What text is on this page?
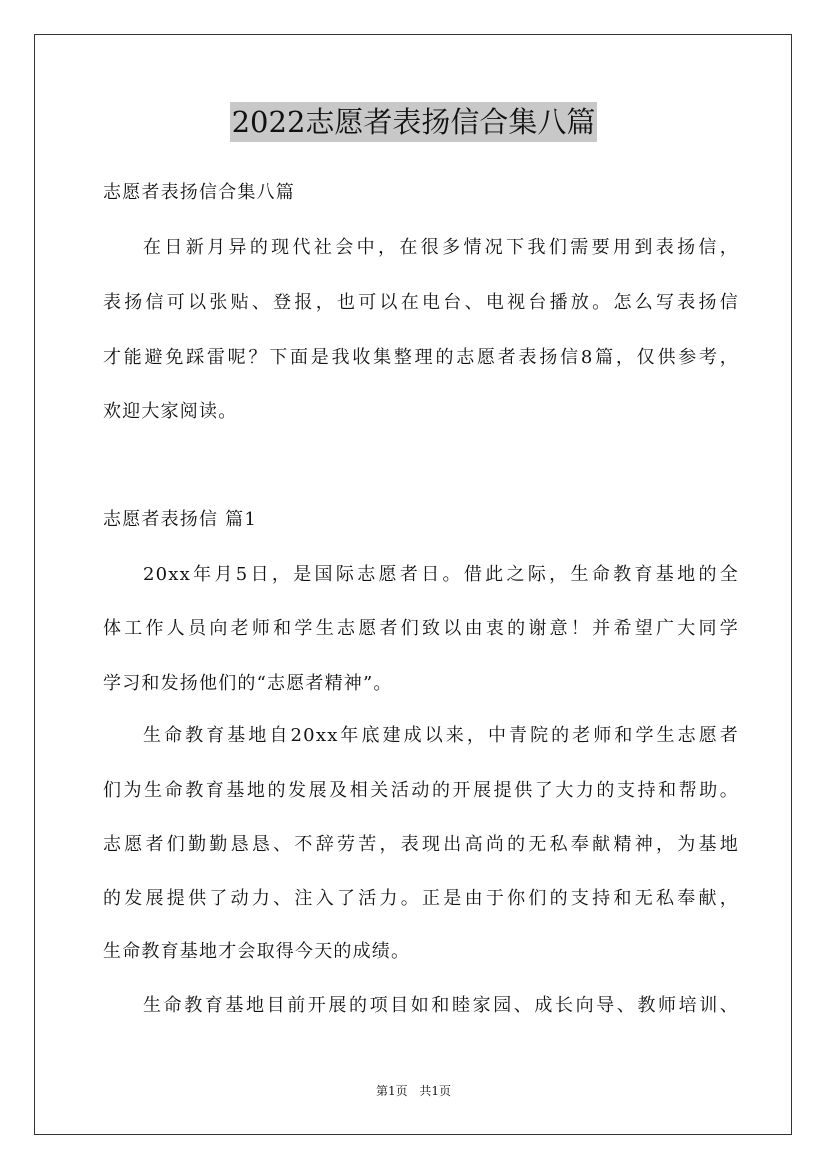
2022志愿者表扬信合集八篇
志愿者表扬信合集八篇
在日新月异的现代社会中，在很多情况下我们需要用到表扬信，
表扬信可以张贴、登报，也可以在电台、电视台播放。怎么写表扬信
才能避免踩雷呢？下面是我收集整理的志愿者表扬信8篇，仅供参考，
欢迎大家阅读。
志愿者表扬信 篇1
20xx年月5日，是国际志愿者日。借此之际，生命教育基地的全
体工作人员向老师和学生志愿者们致以由衷的谢意！并希望广大同学
学习和发扬他们的“志愿者精神”。
生命教育基地自20xx年底建成以来，中青院的老师和学生志愿者
们为生命教育基地的发展及相关活动的开展提供了大力的支持和帮助。
志愿者们勤勤恳恳、不辞劳苦，表现出高尚的无私奉献精神，为基地
的发展提供了动力、注入了活力。正是由于你们的支持和无私奉献，
生命教育基地才会取得今天的成绩。
生命教育基地目前开展的项目如和睦家园、成长向导、教师培训、
第1页 共1页
